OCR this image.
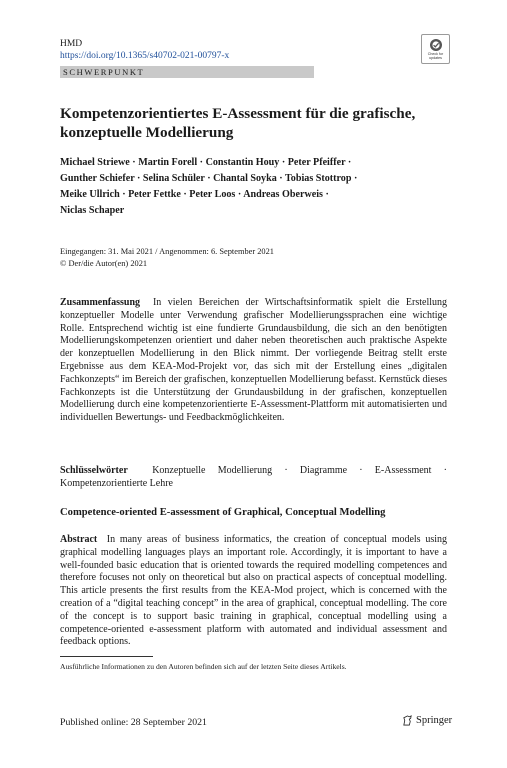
HMD
https://doi.org/10.1365/s40702-021-00797-x	Check for updates
SCHWERPUNKT
Kompetenzorientiertes E-Assessment für die grafische, konzeptuelle Modellierung
Michael Striewe · Martin Forell · Constantin Houy · Peter Pfeiffer ·
Gunther Schiefer · Selina Schüler · Chantal Soyka · Tobias Stottrop ·
Meike Ullrich · Peter Fettke · Peter Loos · Andreas Oberweis ·
Niclas Schaper
Eingegangen: 31. Mai 2021 / Angenommen: 6. September 2021
© Der/die Autor(en) 2021
Zusammenfassung In vielen Bereichen der Wirtschaftsinformatik spielt die Erstellung konzeptueller Modelle unter Verwendung grafischer Modellierungssprachen eine wichtige Rolle. Entsprechend wichtig ist eine fundierte Grundausbildung, die sich an den benötigten Modellierungskompetenzen orientiert und daher neben theoretischen auch praktische Aspekte der konzeptuellen Modellierung in den Blick nimmt. Der vorliegende Beitrag stellt erste Ergebnisse aus dem KEA-Mod-Projekt vor, das sich mit der Erstellung eines „digitalen Fachkonzepts“ im Bereich der grafischen, konzeptuellen Modellierung befasst. Kernstück dieses Fachkonzepts ist die Unterstützung der Grundausbildung in der grafischen, konzeptuellen Modellierung durch eine kompetenzorientierte E-Assessment-Plattform mit automatisierten und individuellen Bewertungs- und Feedbackmöglichkeiten.
Schlüsselwörter Konzeptuelle Modellierung · Diagramme · E-Assessment · Kompetenzorientierte Lehre
Competence-oriented E-assessment of Graphical, Conceptual Modelling
Abstract In many areas of business informatics, the creation of conceptual models using graphical modelling languages plays an important role. Accordingly, it is important to have a well-founded basic education that is oriented towards the required modelling competences and therefore focuses not only on theoretical but also on practical aspects of conceptual modelling. This article presents the first results from the KEA-Mod project, which is concerned with the creation of a “digital teaching concept” in the area of graphical, conceptual modelling. The core of the concept is to support basic training in graphical, conceptual modelling using a competence-oriented e-assessment platform with automated and individual assessment and feedback options.
Ausführliche Informationen zu den Autoren befinden sich auf der letzten Seite dieses Artikels.
Published online: 28 September 2021	Springer
